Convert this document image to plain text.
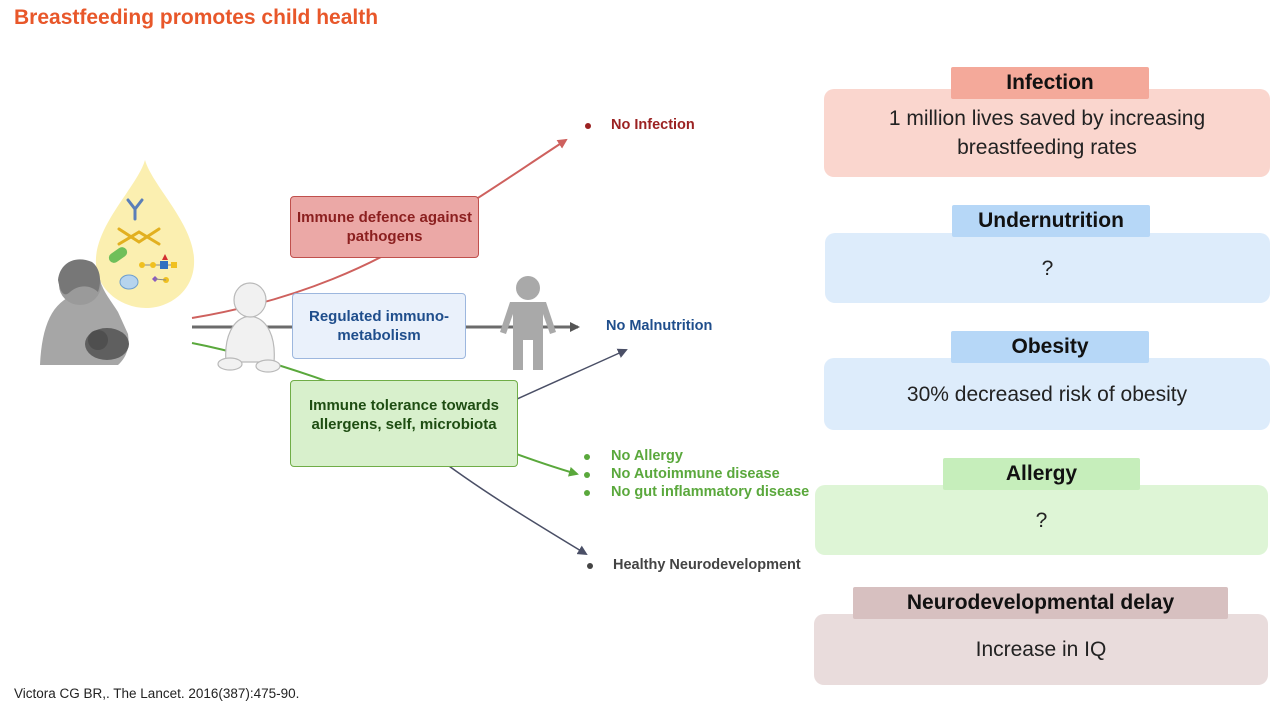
Breastfeeding promotes child health
Immune defence against pathogens
Regulated immuno-metabolism
Immune tolerance towards allergens, self, microbiota
No Infection
No Malnutrition
No Allergy
No Autoimmune disease
No gut inflammatory disease
Healthy Neurodevelopment
1 million lives saved by increasing breastfeeding rates
Infection
?
Undernutrition
30% decreased risk of obesity
Obesity
?
Allergy
Increase in IQ
Neurodevelopmental delay
Victora CG BR,. The Lancet. 2016(387):475-90.
